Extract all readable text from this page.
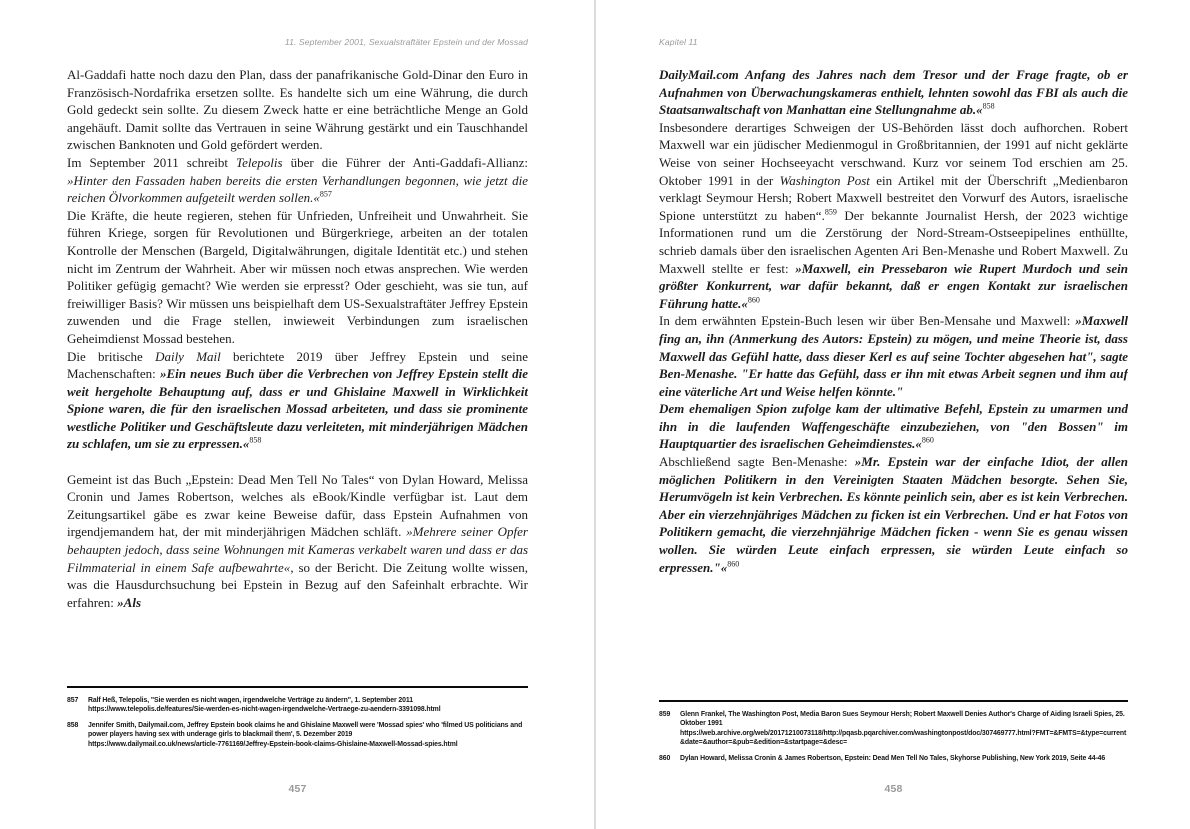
11. September 2001, Sexualstraftäter Epstein und der Mossad

Al-Gaddafi hatte noch dazu den Plan, dass der panafrikanische Gold-Dinar den Euro in Französisch-Nordafrika ersetzen sollte. Es handelte sich um eine Währung, die durch Gold gedeckt sein sollte. Zu diesem Zweck hatte er eine beträchtliche Menge an Gold angehäuft. Damit sollte das Vertrauen in seine Währung gestärkt und ein Tauschhandel zwischen Banknoten und Gold gefördert werden.

Im September 2011 schreibt Telepolis über die Führer der Anti-Gaddafi-Allianz: »Hinter den Fassaden haben bereits die ersten Verhandlungen begonnen, wie jetzt die reichen Ölvorkommen aufgeteilt werden sollen.«$^{857}$

Die Kräfte, die heute regieren, stehen für Unfrieden, Unfreiheit und Unwahrheit. Sie führen Kriege, sorgen für Revolutionen und Bürgerkriege, arbeiten an der totalen Kontrolle der Menschen (Bargeld, Digitalwährungen, digitale Identität etc.) und stehen nicht im Zentrum der Wahrheit. Aber wir müssen noch etwas ansprechen. Wie werden Politiker gefügig gemacht? Wie werden sie erpresst? Oder geschieht, was sie tun, auf freiwilliger Basis? Wir müssen uns beispielhaft dem US-Sexualstraftäter Jeffrey Epstein zuwenden und die Frage stellen, inwieweit Verbindungen zum israelischen Geheimdienst Mossad bestehen.

Die britische Daily Mail berichtete 2019 über Jeffrey Epstein und seine Machenschaften: »Ein neues Buch über die Verbrechen von Jeffrey Epstein stellt die weit hergeholte Behauptung auf, dass er und Ghislaine Maxwell in Wirklichkeit Spione waren, die für den israelischen Mossad arbeiteten, und dass sie prominente westliche Politiker und Geschäftsleute dazu verleiteten, mit minderjährigen Mädchen zu schlafen, um sie zu erpressen.«$^{858}$

Gemeint ist das Buch „Epstein: Dead Men Tell No Tales“ von Dylan Howard, Melissa Cronin und James Robertson, welches als eBook/Kindle verfügbar ist. Laut dem Zeitungsartikel gäbe es zwar keine Beweise dafür, dass Epstein Aufnahmen von irgendjemandem hat, der mit minderjährigen Mädchen schläft. »Mehrere seiner Opfer behaupten jedoch, dass seine Wohnungen mit Kameras verkabelt waren und dass er das Filmmaterial in einem Safe aufbewahrte«, so der Bericht. Die Zeitung wollte wissen, was die Hausdurchsuchung bei Epstein in Bezug auf den Safeinhalt erbrachte. Wir erfahren: »Als

857	Ralf Heß, Telepolis, "Sie werden es nicht wagen, irgendwelche Verträge zu ändern", 1. September 2011
https://www.telepolis.de/features/Sie-werden-es-nicht-wagen-irgendwelche-Vertraege-zu-aendern-3391098.html
858	Jennifer Smith, Dailymail.com, Jeffrey Epstein book claims he and Ghislaine Maxwell were 'Mossad spies' who 'filmed US politicians and power players having sex with underage girls to blackmail them', 5. Dezember 2019
https://www.dailymail.co.uk/news/article-7761169/Jeffrey-Epstein-book-claims-Ghislaine-Maxwell-Mossad-spies.html
457
Kapitel 11

DailyMail.com Anfang des Jahres nach dem Tresor und der Frage fragte, ob er Aufnahmen von Überwachungskameras enthielt, lehnten sowohl das FBI als auch die Staatsanwaltschaft von Manhattan eine Stellungnahme ab.«$^{858}$

Insbesondere derartiges Schweigen der US-Behörden lässt doch aufhorchen. Robert Maxwell war ein jüdischer Medienmogul in Großbritannien, der 1991 auf nicht geklärte Weise von seiner Hochseeyacht verschwand. Kurz vor seinem Tod erschien am 25. Oktober 1991 in der Washington Post ein Artikel mit der Überschrift „Medienbaron verklagt Seymour Hersh; Robert Maxwell bestreitet den Vorwurf des Autors, israelische Spione unterstützt zu haben“.$^{859}$ Der bekannte Journalist Hersh, der 2023 wichtige Informationen rund um die Zerstörung der Nord-Stream-Ostseepipelines enthüllte, schrieb damals über den israelischen Agenten Ari Ben-Menashe und Robert Maxwell. Zu Maxwell stellte er fest: »Maxwell, ein Pressebaron wie Rupert Murdoch und sein größter Konkurrent, war dafür bekannt, daß er engen Kontakt zur israelischen Führung hatte.«$^{860}$

In dem erwähnten Epstein-Buch lesen wir über Ben-Mensahe und Maxwell: »Maxwell fing an, ihn (Anmerkung des Autors: Epstein) zu mögen, und meine Theorie ist, dass Maxwell das Gefühl hatte, dass dieser Kerl es auf seine Tochter abgesehen hat", sagte Ben-Menashe. "Er hatte das Gefühl, dass er ihn mit etwas Arbeit segnen und ihm auf eine väterliche Art und Weise helfen könnte."

Dem ehemaligen Spion zufolge kam der ultimative Befehl, Epstein zu umarmen und ihn in die laufenden Waffengeschäfte einzubeziehen, von "den Bossen" im Hauptquartier des israelischen Geheimdienstes.«$^{860}$

Abschließend sagte Ben-Menashe: »Mr. Epstein war der einfache Idiot, der allen möglichen Politikern in den Vereinigten Staaten Mädchen besorgte. Sehen Sie, Herumvögeln ist kein Verbrechen. Es könnte peinlich sein, aber es ist kein Verbrechen. Aber ein vierzehnjähriges Mädchen zu ficken ist ein Verbrechen. Und er hat Fotos von Politikern gemacht, die vierzehnjährige Mädchen ficken - wenn Sie es genau wissen wollen. Sie würden Leute einfach erpressen, sie würden Leute einfach so erpressen."«$^{860}$

859	Glenn Frankel, The Washington Post, Media Baron Sues Seymour Hersh; Robert Maxwell Denies Author's Charge of Aiding Israeli Spies, 25. Oktober 1991
https://web.archive.org/web/20171210073118/http://pqasb.pqarchiver.com/washingtonpost/doc/307469777.html?FMT=&FMTS=&type=current&date=&author=&pub=&edition=&startpage=&desc=
860	Dylan Howard, Melissa Cronin & James Robertson, Epstein: Dead Men Tell No Tales, Skyhorse Publishing, New York 2019, Seite 44-46
458
